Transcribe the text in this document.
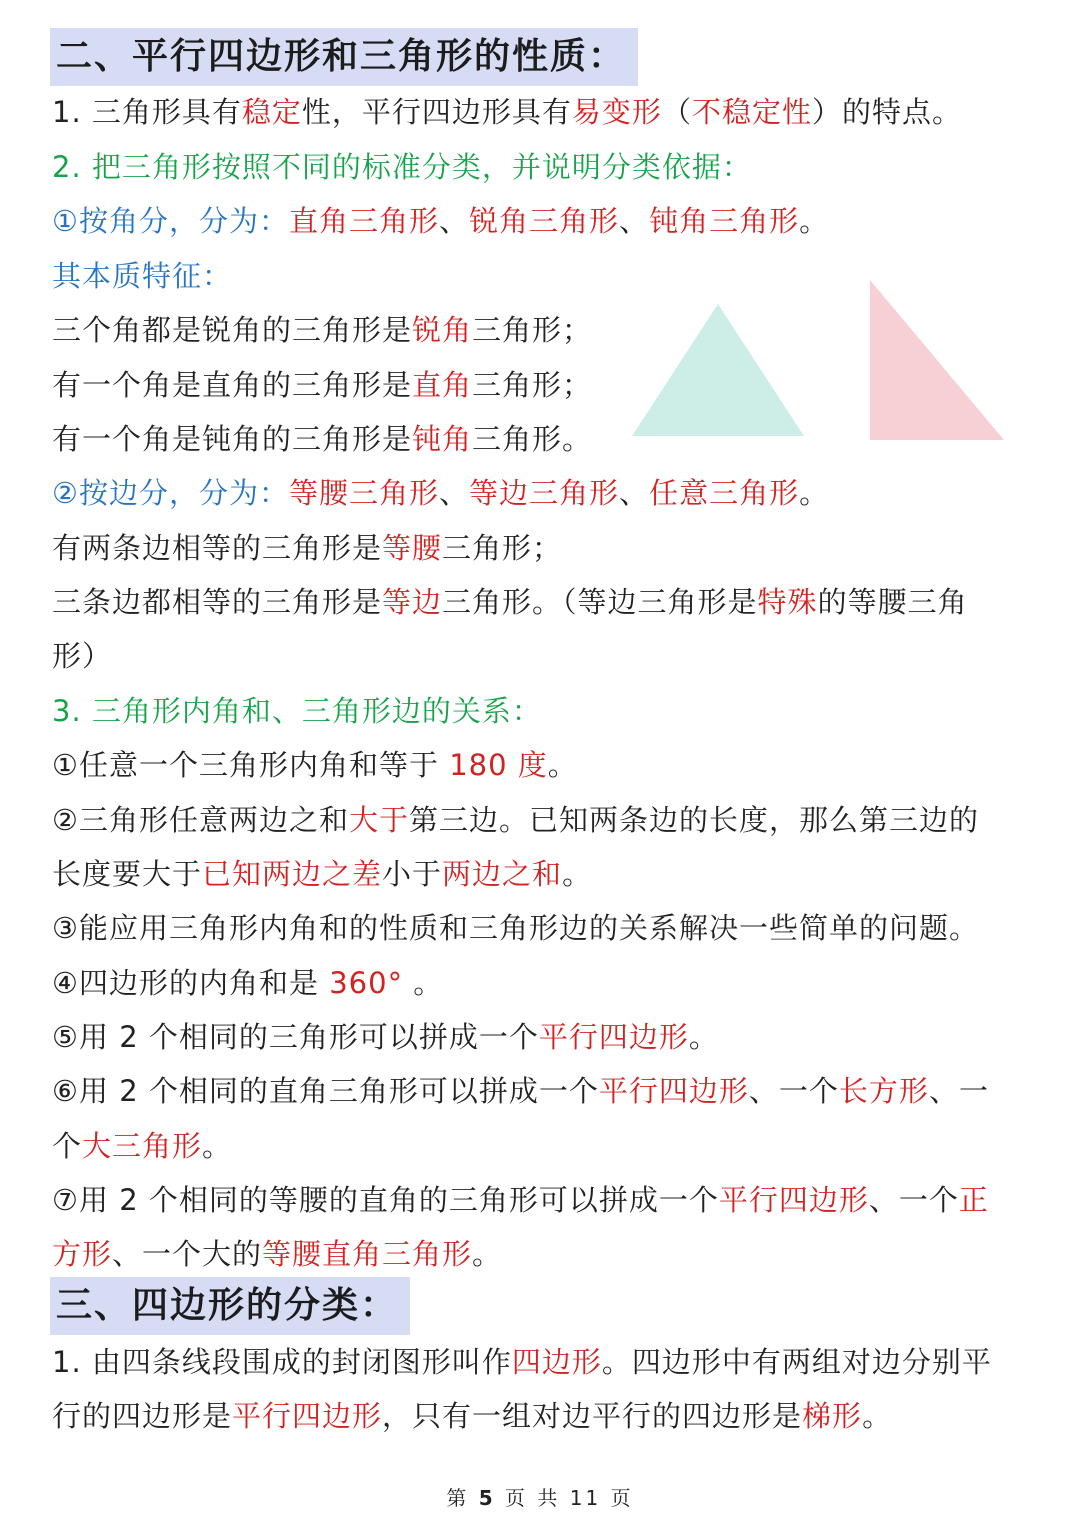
二、平行四边形和三角形的性质：
1. 三角形具有稳定性，平行四边形具有易变形（不稳定性）的特点。
2. 把三角形按照不同的标准分类，并说明分类依据：
①按角分，分为：直角三角形、锐角三角形、钝角三角形。
其本质特征：
三个角都是锐角的三角形是锐角三角形；
有一个角是直角的三角形是直角三角形；
有一个角是钝角的三角形是钝角三角形。
②按边分，分为：等腰三角形、等边三角形、任意三角形。
有两条边相等的三角形是等腰三角形；
三条边都相等的三角形是等边三角形。（等边三角形是特殊的等腰三角
形）
3. 三角形内角和、三角形边的关系：
①任意一个三角形内角和等于 180 度。
②三角形任意两边之和大于第三边。已知两条边的长度，那么第三边的
长度要大于已知两边之差小于两边之和。
③能应用三角形内角和的性质和三角形边的关系解决一些简单的问题。
④四边形的内角和是 360° 。
⑤用 2 个相同的三角形可以拼成一个平行四边形。
⑥用 2 个相同的直角三角形可以拼成一个平行四边形、一个长方形、一
个大三角形。
⑦用 2 个相同的等腰的直角的三角形可以拼成一个平行四边形、一个正
方形、一个大的等腰直角三角形。
三、四边形的分类：
1. 由四条线段围成的封闭图形叫作四边形。四边形中有两组对边分别平
行的四边形是平行四边形，只有一组对边平行的四边形是梯形。
第 5 页 共 11 页
